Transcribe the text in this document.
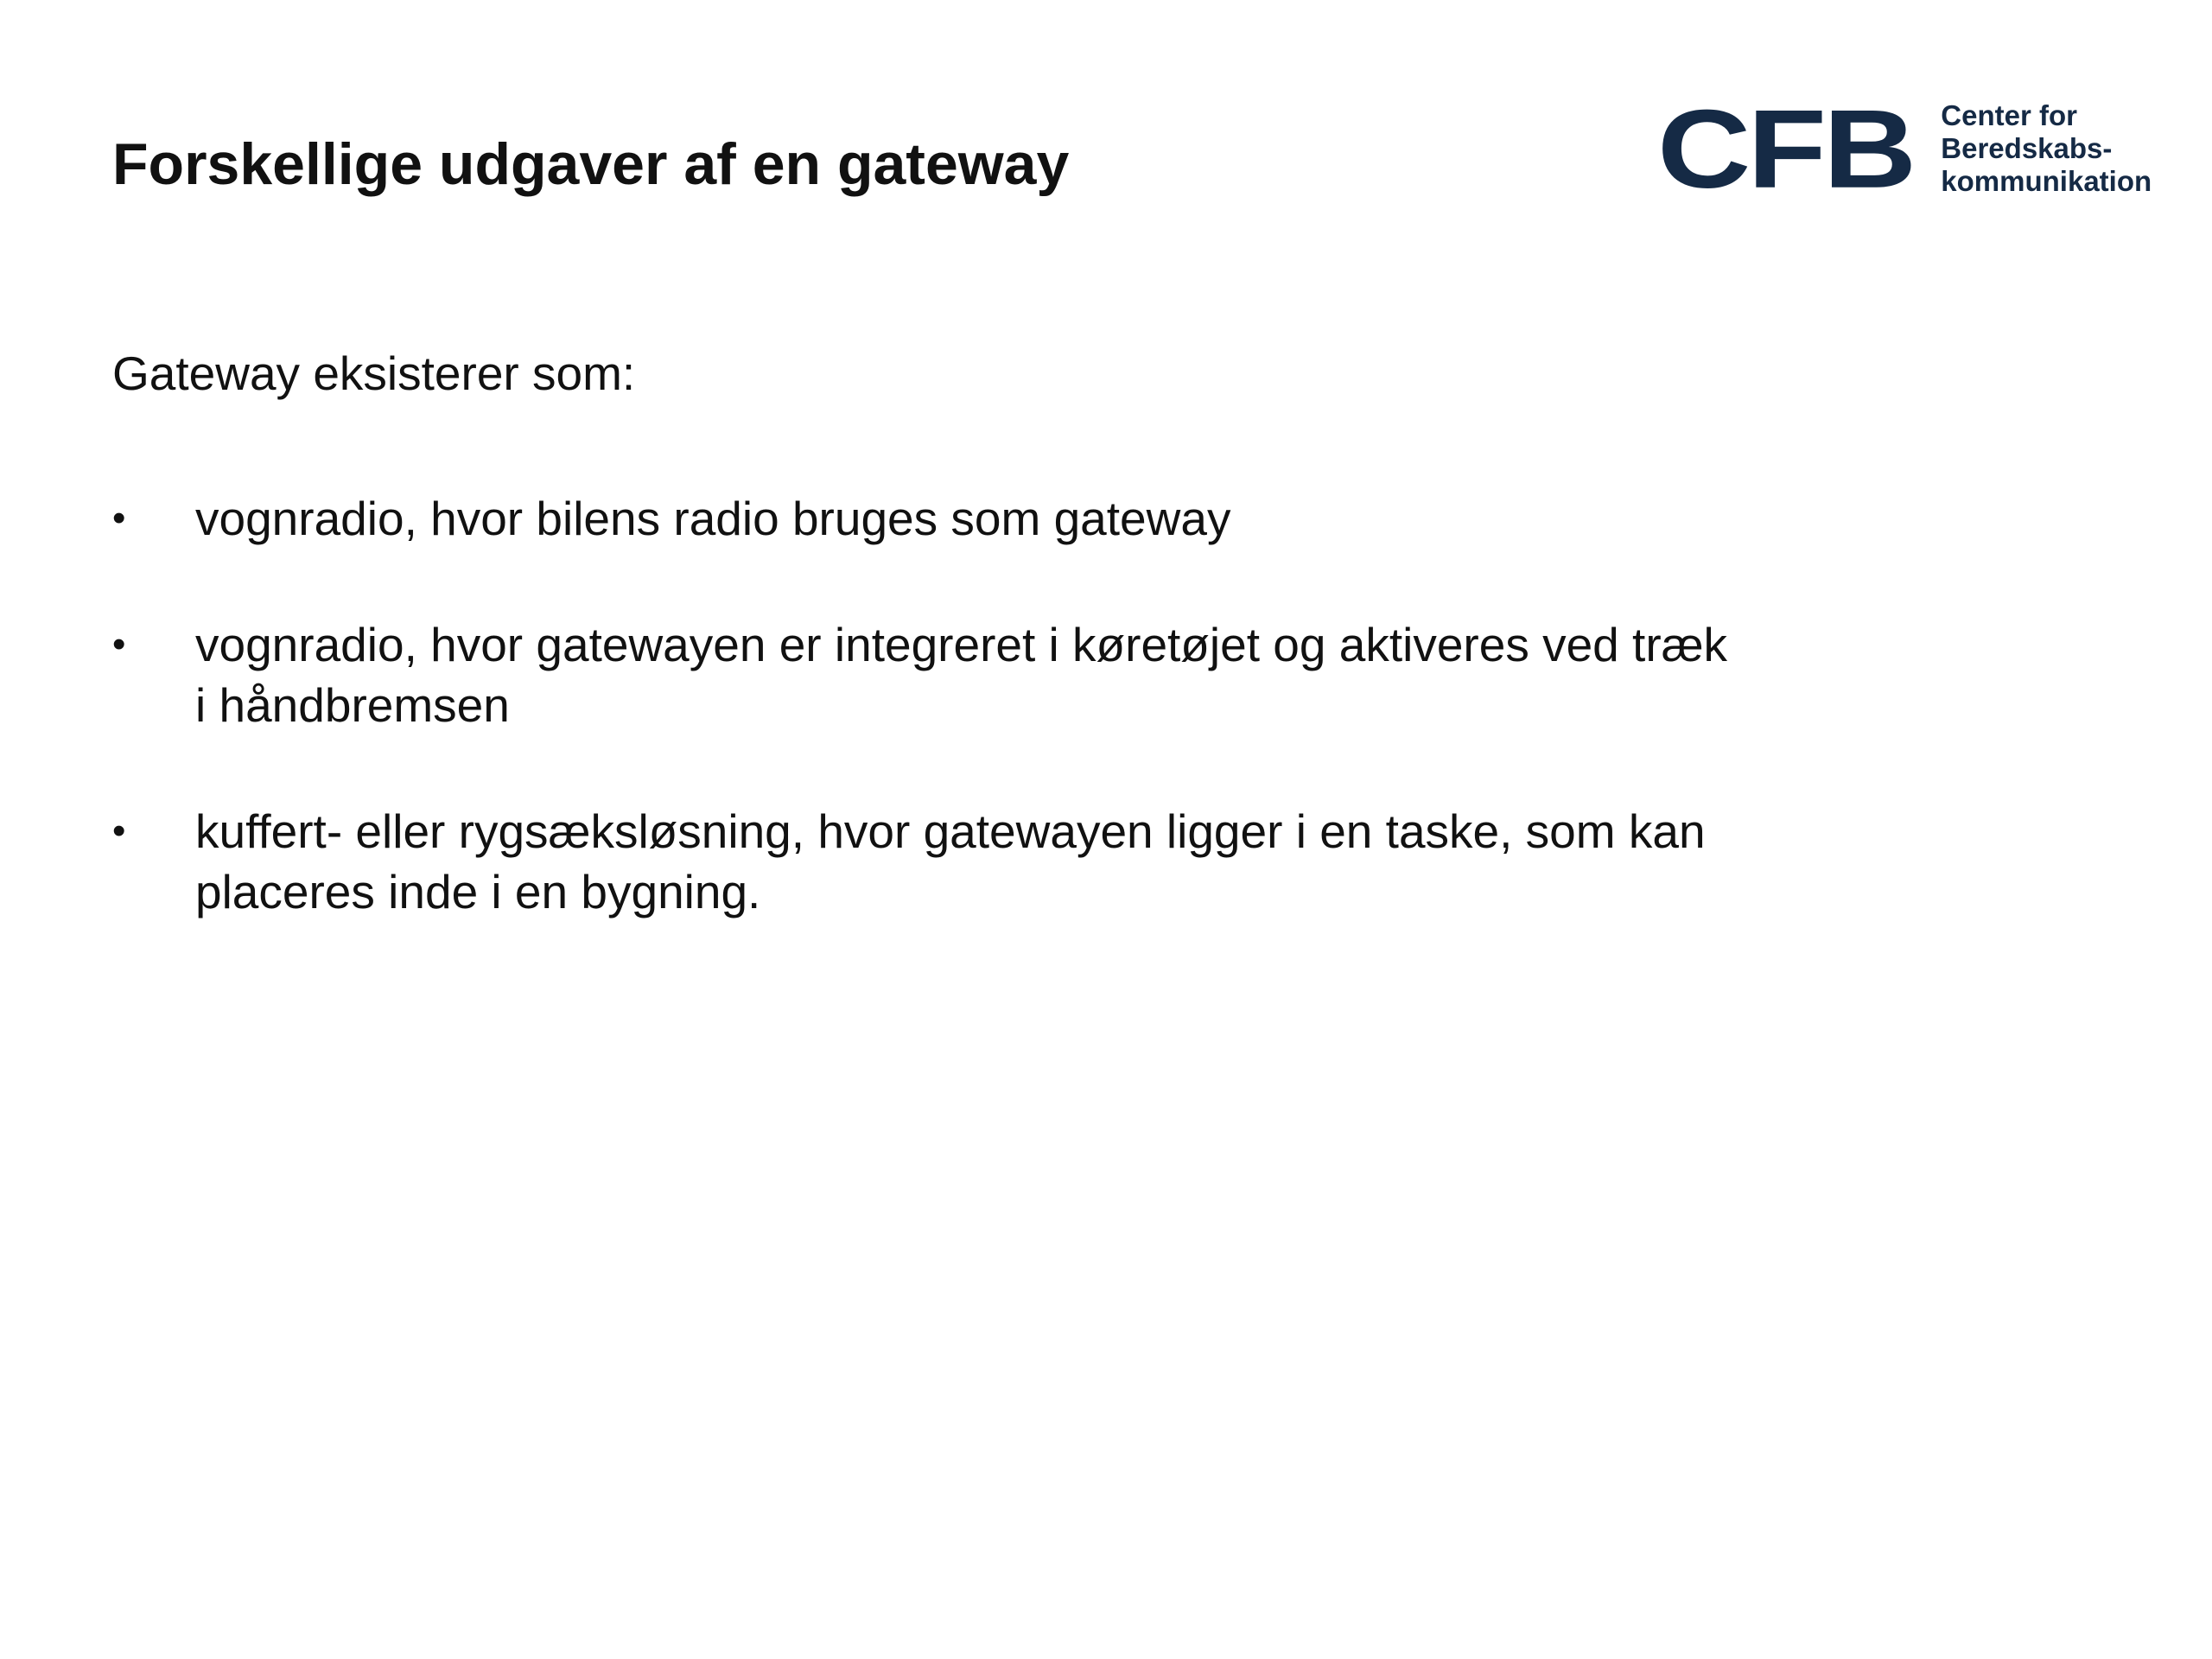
Forskellige udgaver af en gateway	CFB Center for
Beredskabs-
kommunikation

Gateway eksisterer som:

•	vognradio, hvor bilens radio bruges som gateway
•	vognradio, hvor gatewayen er integreret i køretøjet og aktiveres ved træk i håndbremsen
•	kuffert- eller rygsæksløsning, hvor gatewayen ligger i en taske, som kan placeres inde i en bygning.
